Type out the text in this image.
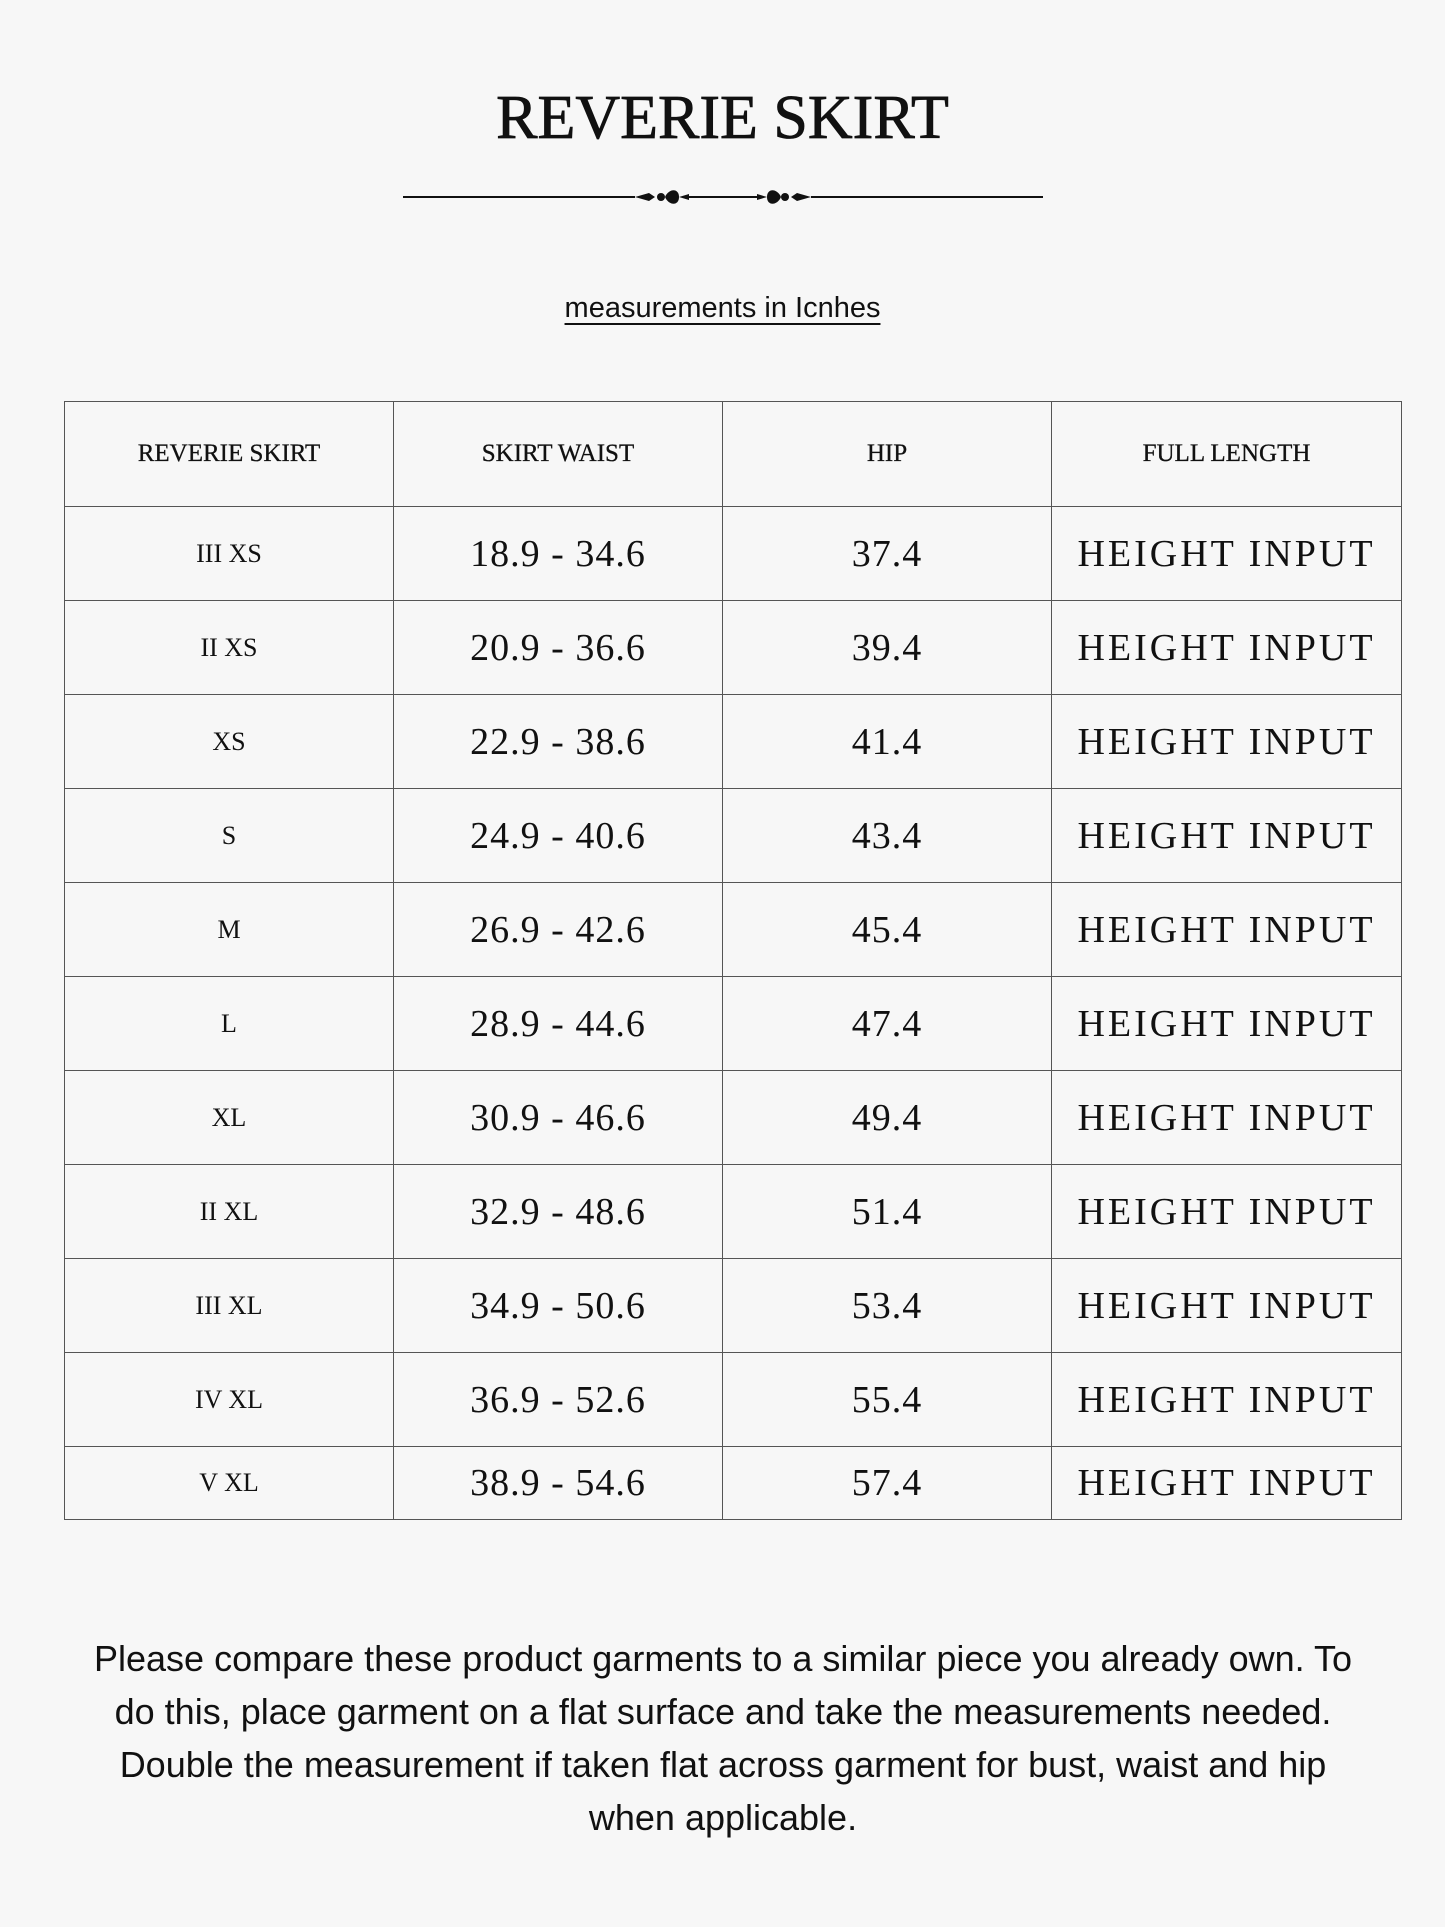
REVERIE SKIRT
measurements in Icnhes
REVERIE SKIRT	SKIRT WAIST	HIP	FULL LENGTH
III XS	18.9 - 34.6	37.4	HEIGHT INPUT
II XS	20.9 - 36.6	39.4	HEIGHT INPUT
XS	22.9 - 38.6	41.4	HEIGHT INPUT
S	24.9 - 40.6	43.4	HEIGHT INPUT
M	26.9 - 42.6	45.4	HEIGHT INPUT
L	28.9 - 44.6	47.4	HEIGHT INPUT
XL	30.9 - 46.6	49.4	HEIGHT INPUT
II XL	32.9 - 48.6	51.4	HEIGHT INPUT
III XL	34.9 - 50.6	53.4	HEIGHT INPUT
IV XL	36.9 - 52.6	55.4	HEIGHT INPUT
V XL	38.9 - 54.6	57.4	HEIGHT INPUT

Please compare these product garments to a similar piece you already own. To do this, place garment on a flat surface and take the measurements needed. Double the measurement if taken flat across garment for bust, waist and hip when applicable.
